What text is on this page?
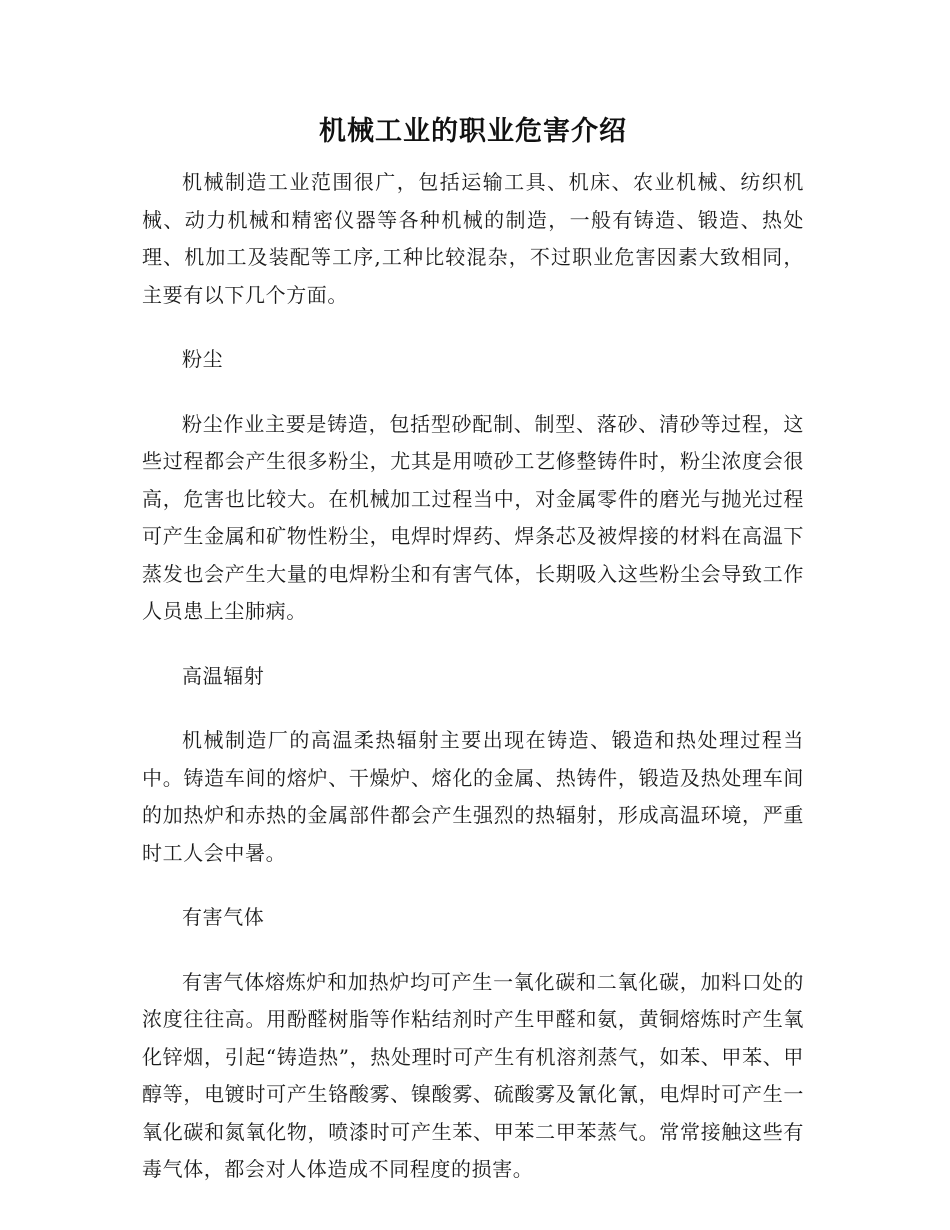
机械工业的职业危害介绍

机械制造工业范围很广，包括运输工具、机床、农业机械、纺织机械、动力机械和精密仪器等各种机械的制造，一般有铸造、锻造、热处理、机加工及装配等工序,工种比较混杂，不过职业危害因素大致相同，主要有以下几个方面。

粉尘

粉尘作业主要是铸造，包括型砂配制、制型、落砂、清砂等过程，这些过程都会产生很多粉尘，尤其是用喷砂工艺修整铸件时，粉尘浓度会很高，危害也比较大。在机械加工过程当中，对金属零件的磨光与抛光过程可产生金属和矿物性粉尘，电焊时焊药、焊条芯及被焊接的材料在高温下蒸发也会产生大量的电焊粉尘和有害气体，长期吸入这些粉尘会导致工作人员患上尘肺病。

高温辐射

机械制造厂的高温柔热辐射主要出现在铸造、锻造和热处理过程当中。铸造车间的熔炉、干燥炉、熔化的金属、热铸件，锻造及热处理车间的加热炉和赤热的金属部件都会产生强烈的热辐射，形成高温环境，严重时工人会中暑。

有害气体

有害气体熔炼炉和加热炉均可产生一氧化碳和二氧化碳，加料口处的浓度往往高。用酚醛树脂等作粘结剂时产生甲醛和氨，黄铜熔炼时产生氧化锌烟，引起“铸造热”，热处理时可产生有机溶剂蒸气，如苯、甲苯、甲醇等，电镀时可产生铬酸雾、镍酸雾、硫酸雾及氰化氰，电焊时可产生一氧化碳和氮氧化物，喷漆时可产生苯、甲苯二甲苯蒸气。常常接触这些有毒气体，都会对人体造成不同程度的损害。
